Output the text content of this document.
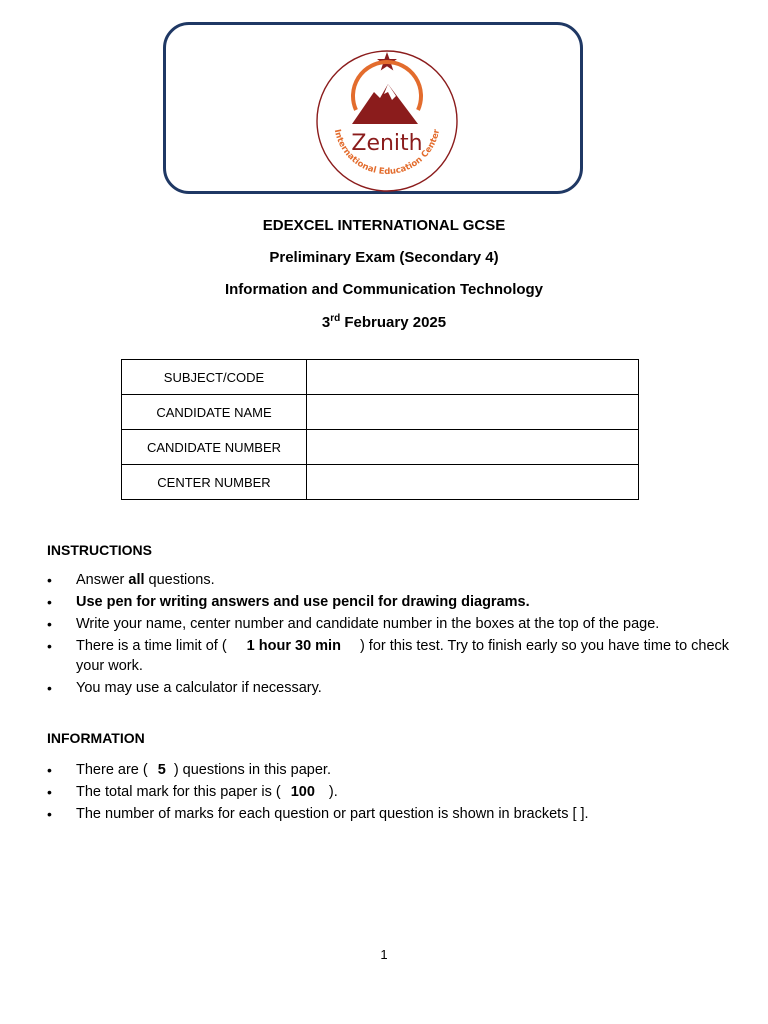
Zenith
International Education Center
EDEXCEL INTERNATIONAL GCSE
Preliminary Exam (Secondary 4)
Information and Communication Technology
3rd February 2025
SUBJECT/CODE	
CANDIDATE NAME	
CANDIDATE NUMBER	
CENTER NUMBER	
INSTRUCTIONS
• Answer all questions.
• Use pen for writing answers and use pencil for drawing diagrams.
• Write your name, center number and candidate number in the boxes at the top of the page.
• There is a time limit of ( 1 hour 30 min ) for this test. Try to finish early so you have time to check your work.
• You may use a calculator if necessary.
INFORMATION
• There are ( 5 ) questions in this paper.
• The total mark for this paper is ( 100 ).
• The number of marks for each question or part question is shown in brackets [ ].
1
